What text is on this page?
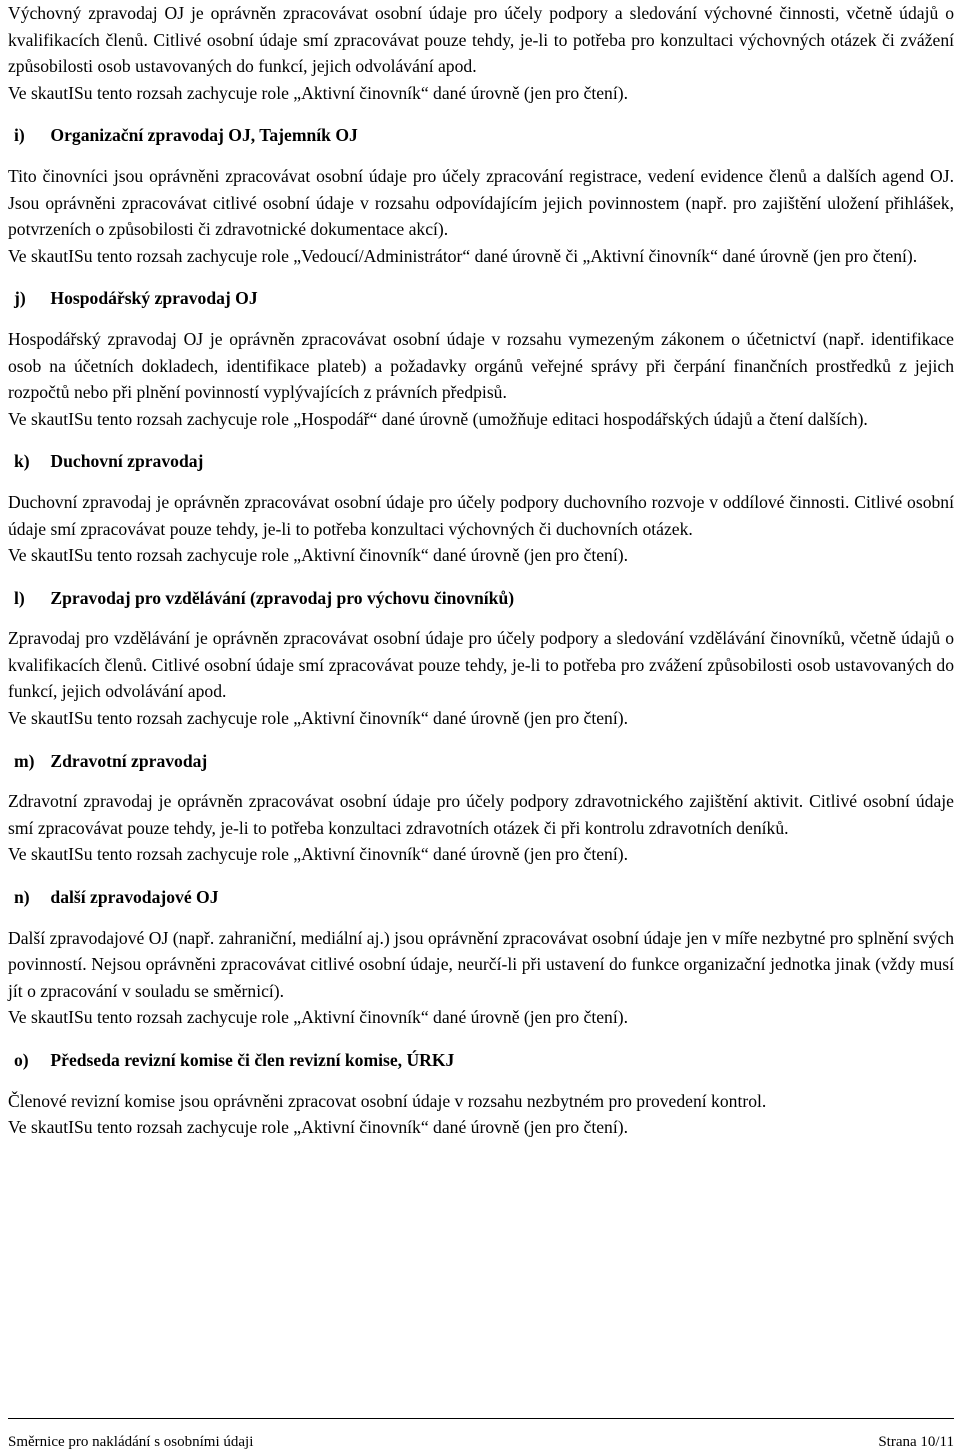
Výchovný zpravodaj OJ je oprávněn zpracovávat osobní údaje pro účely podpory a sledování výchovné činnosti, včetně údajů o kvalifikacích členů. Citlivé osobní údaje smí zpracovávat pouze tehdy, je-li to potřeba pro konzultaci výchovných otázek či zvážení způsobilosti osob ustavovaných do funkcí, jejich odvolávání apod.

Ve skautISu tento rozsah zachycuje role „Aktivní činovník“ dané úrovně (jen pro čtení).

i) Organizační zpravodaj OJ, Tajemník OJ

Tito činovníci jsou oprávněni zpracovávat osobní údaje pro účely zpracování registrace, vedení evidence členů a dalších agend OJ. Jsou oprávněni zpracovávat citlivé osobní údaje v rozsahu odpovídajícím jejich povinnostem (např. pro zajištění uložení přihlášek, potvrzeních o způsobilosti či zdravotnické dokumentace akcí).

Ve skautISu tento rozsah zachycuje role „Vedoucí/Administrátor“ dané úrovně či „Aktivní činovník“ dané úrovně (jen pro čtení).

j) Hospodářský zpravodaj OJ

Hospodářský zpravodaj OJ je oprávněn zpracovávat osobní údaje v rozsahu vymezeným zákonem o účetnictví (např. identifikace osob na účetních dokladech, identifikace plateb) a požadavky orgánů veřejné správy při čerpání finančních prostředků z jejich rozpočtů nebo při plnění povinností vyplývajících z právních předpisů.

Ve skautISu tento rozsah zachycuje role „Hospodář“ dané úrovně (umožňuje editaci hospodářských údajů a čtení dalších).

k) Duchovní zpravodaj

Duchovní zpravodaj je oprávněn zpracovávat osobní údaje pro účely podpory duchovního rozvoje v oddílové činnosti. Citlivé osobní údaje smí zpracovávat pouze tehdy, je-li to potřeba konzultaci výchovných či duchovních otázek.

Ve skautISu tento rozsah zachycuje role „Aktivní činovník“ dané úrovně (jen pro čtení).

l) Zpravodaj pro vzdělávání (zpravodaj pro výchovu činovníků)

Zpravodaj pro vzdělávání je oprávněn zpracovávat osobní údaje pro účely podpory a sledování vzdělávání činovníků, včetně údajů o kvalifikacích členů. Citlivé osobní údaje smí zpracovávat pouze tehdy, je-li to potřeba pro zvážení způsobilosti osob ustavovaných do funkcí, jejich odvolávání apod.

Ve skautISu tento rozsah zachycuje role „Aktivní činovník“ dané úrovně (jen pro čtení).

m) Zdravotní zpravodaj

Zdravotní zpravodaj je oprávněn zpracovávat osobní údaje pro účely podpory zdravotnického zajištění aktivit. Citlivé osobní údaje smí zpracovávat pouze tehdy, je-li to potřeba konzultaci zdravotních otázek či při kontrolu zdravotních deníků.

Ve skautISu tento rozsah zachycuje role „Aktivní činovník“ dané úrovně (jen pro čtení).

n) další zpravodajové OJ

Další zpravodajové OJ (např. zahraniční, mediální aj.) jsou oprávnění zpracovávat osobní údaje jen v míře nezbytné pro splnění svých povinností. Nejsou oprávněni zpracovávat citlivé osobní údaje, neurčí-li při ustavení do funkce organizační jednotka jinak (vždy musí jít o zpracování v souladu se směrnicí).

Ve skautISu tento rozsah zachycuje role „Aktivní činovník“ dané úrovně (jen pro čtení).

o) Předseda revizní komise či člen revizní komise, ÚRKJ

Členové revizní komise jsou oprávněni zpracovat osobní údaje v rozsahu nezbytném pro provedení kontrol.

Ve skautISu tento rozsah zachycuje role „Aktivní činovník“ dané úrovně (jen pro čtení).

Směrnice pro nakládání s osobními údaji	Strana 10/11
